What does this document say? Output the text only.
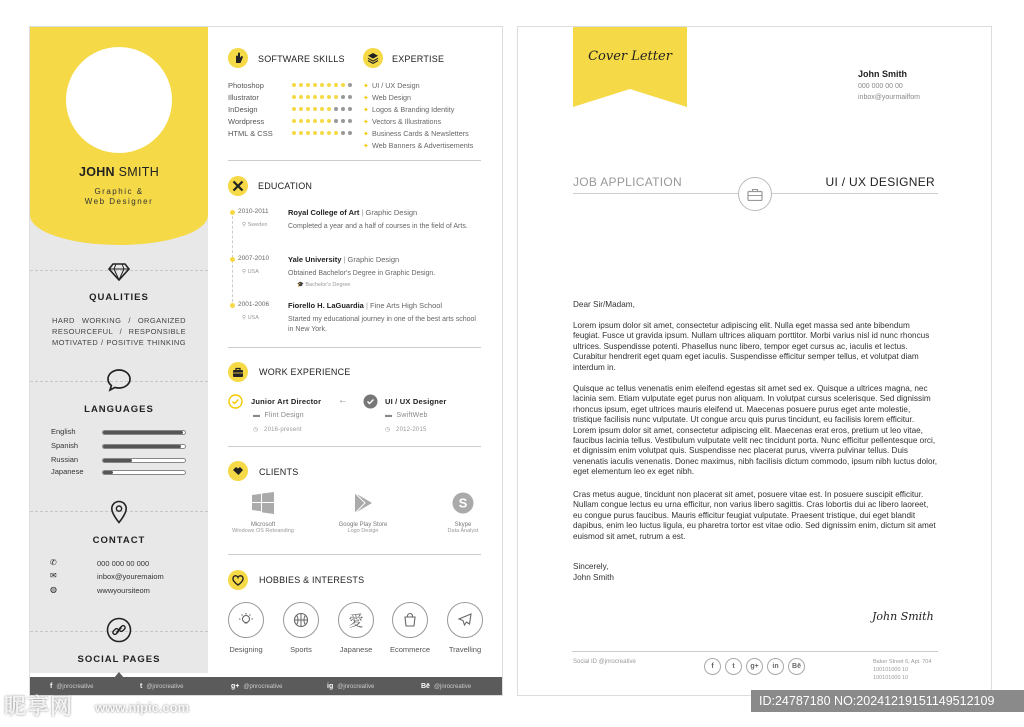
JOHN SMITH
Graphic &
Web Designer
QUALITIES
HARD WORKING / ORGANIZED
RESOURCEFUL / RESPONSIBLE
MOTIVATED / POSITIVE THINKING
LANGUAGES
English
Spanish
Russian
Japanese
CONTACT
✆	000 000 00 000
✉	inbox@youremaiom
◍	wwwyoursiteom
SOCIAL PAGES
f @jnrocreative	t @jnrocreative	g+ @pnrocreative	ig @jnrocreative	Bē @jnrocreative
SOFTWARE SKILLS	EXPERTISE
Photoshop
Illustrator
InDesign
Wordpress
HTML & CSS
✦ UI / UX Design
✦ Web Design
✦ Logos & Branding Identity
✦ Vectors & Illustrations
✦ Business Cards & Newsletters
✦ Web Banners & Advertisements
EDUCATION
2010-2011
⚲ Sweden
Royal College of Art | Graphic Design
Completed a year and a half of courses in the field of Arts.
2007-2010
⚲ USA
Yale University | Graphic Design
Obtained Bachelor's Degree in Graphic Design.
🎓 Bachelor's Degree
2001-2006
⚲ USA
Fiorello H. LaGuardia | Fine Arts High School
Started my educational journey in one of the best arts school in New York.
WORK EXPERIENCE
Junior Art Director
▬ Flint Design
◷ 2016-present
←	UI / UX Designer
▬ SwiftWeb
◷ 2012-2015
CLIENTS
S
Microsoft
Windows OS Rebranding
Google Play Store
Logo Design
Skype
Data Analyst
HOBBIES & INTERESTS
愛
Designing	Sports	Japanese	Ecommerce	Travelling
Cover Letter
John Smith
000 000 00 00
inbox@yourmailfom
JOB APPLICATION	UI / UX DESIGNER
Dear Sir/Madam,
Lorem ipsum dolor sit amet, consectetur adipiscing elit. Nulla eget massa sed ante bibendum feugiat. Fusce ut gravida ipsum. Nullam ultrices aliquam porttitor. Morbi varius nisl id nunc rhoncus ultrices. Suspendisse potenti. Phasellus nunc libero, tempor eget cursus ac, iaculis et lectus. Curabitur hendrerit eget quam eget iaculis. Suspendisse efficitur semper tellus, et volutpat diam interdum in.
Quisque ac tellus venenatis enim eleifend egestas sit amet sed ex. Quisque a ultrices magna, nec lacinia sem. Etiam vulputate eget purus non aliquam. In volutpat cursus scelerisque. Sed dignissim rhoncus ipsum, eget ultrices mauris eleifend ut. Maecenas posuere purus eget ante molestie, tristique facilisis nunc vulputate. Ut congue arcu quis purus tincidunt, eu facilisis lorem efficitur. Lorem ipsum dolor sit amet, consectetur adipiscing elit. Maecenas erat eros, pretium ut leo vitae, faucibus lacinia tellus. Vestibulum vulputate velit nec tincidunt porta. Nunc efficitur pellentesque orci, et dignissim enim volutpat quis. Suspendisse nec placerat purus, viverra pulvinar tellus. Duis venenatis iaculis venenatis. Donec maximus, nibh facilisis dictum commodo, ipsum nibh luctus dolor, eget elementum leo ex eget nibh.
Cras metus augue, tincidunt non placerat sit amet, posuere vitae est. In posuere suscipit efficitur. Nullam congue lectus eu urna efficitur, non varius libero sagittis. Cras lobortis dui ac libero laoreet, eu congue purus faucibus. Mauris efficitur feugiat vulputate. Praesent tristique, dui eget blandit dapibus, enim leo luctus ligula, eu pharetra tortor est vitae odio. Sed dignissim enim, dictum sit amet euismod sit amet, rutrum a est.
Sincerely,
John Smith
John Smith
Social ID @jnrocreative
f	t	g+	in	Bē
Baker Street 6, Apt. 704
100101000 10
100101000 10
昵享网 www.nipic.com	ID:24787180 NO:20241219151149512109
